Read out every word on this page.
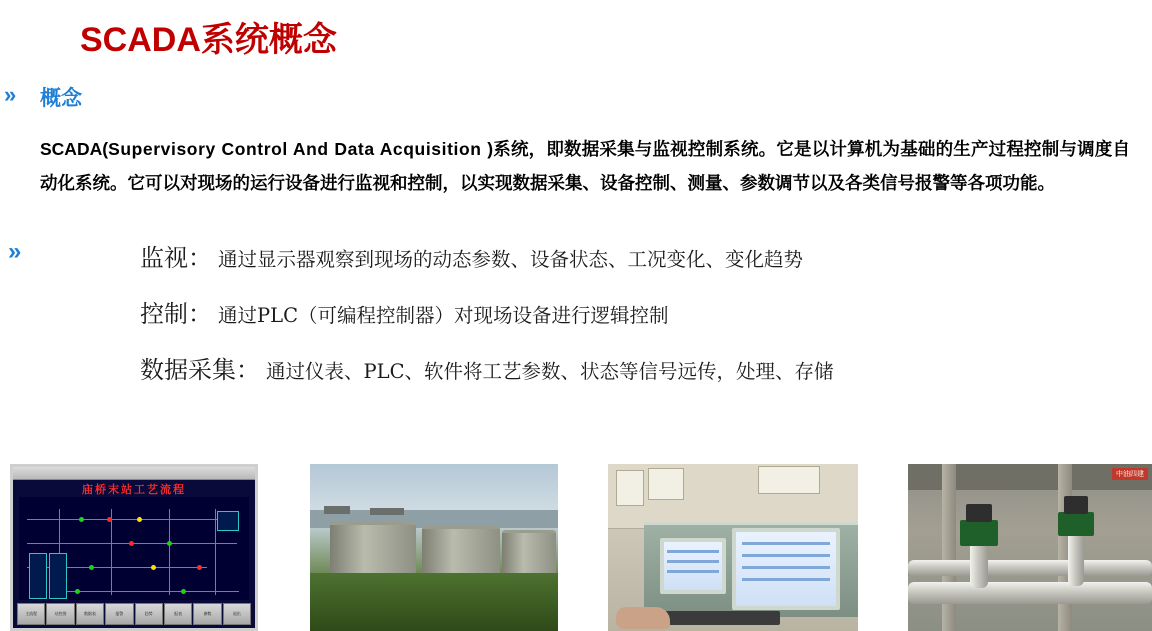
SCADA系统概念
» 概念
SCADA(Supervisory Control And Data Acquisition )系统，即数据采集与监视控制系统。它是以计算机为基础的生产过程控制与调度自动化系统。它可以对现场的运行设备进行监视和控制，以实现数据采集、设备控制、测量、参数调节以及各类信号报警等各项功能。
»	监视： 通过显示器观察到现场的动态参数、设备状态、工况变化、变化趋势
控制： 通过PLC（可编程控制器）对现场设备进行逻辑控制
数据采集： 通过仪表、PLC、软件将工艺参数、状态等信号远传，处理、存储
庙桥末站工艺流程
主流程	站控图	数据表	报警	趋势	报表	参数	退出
中油四建
